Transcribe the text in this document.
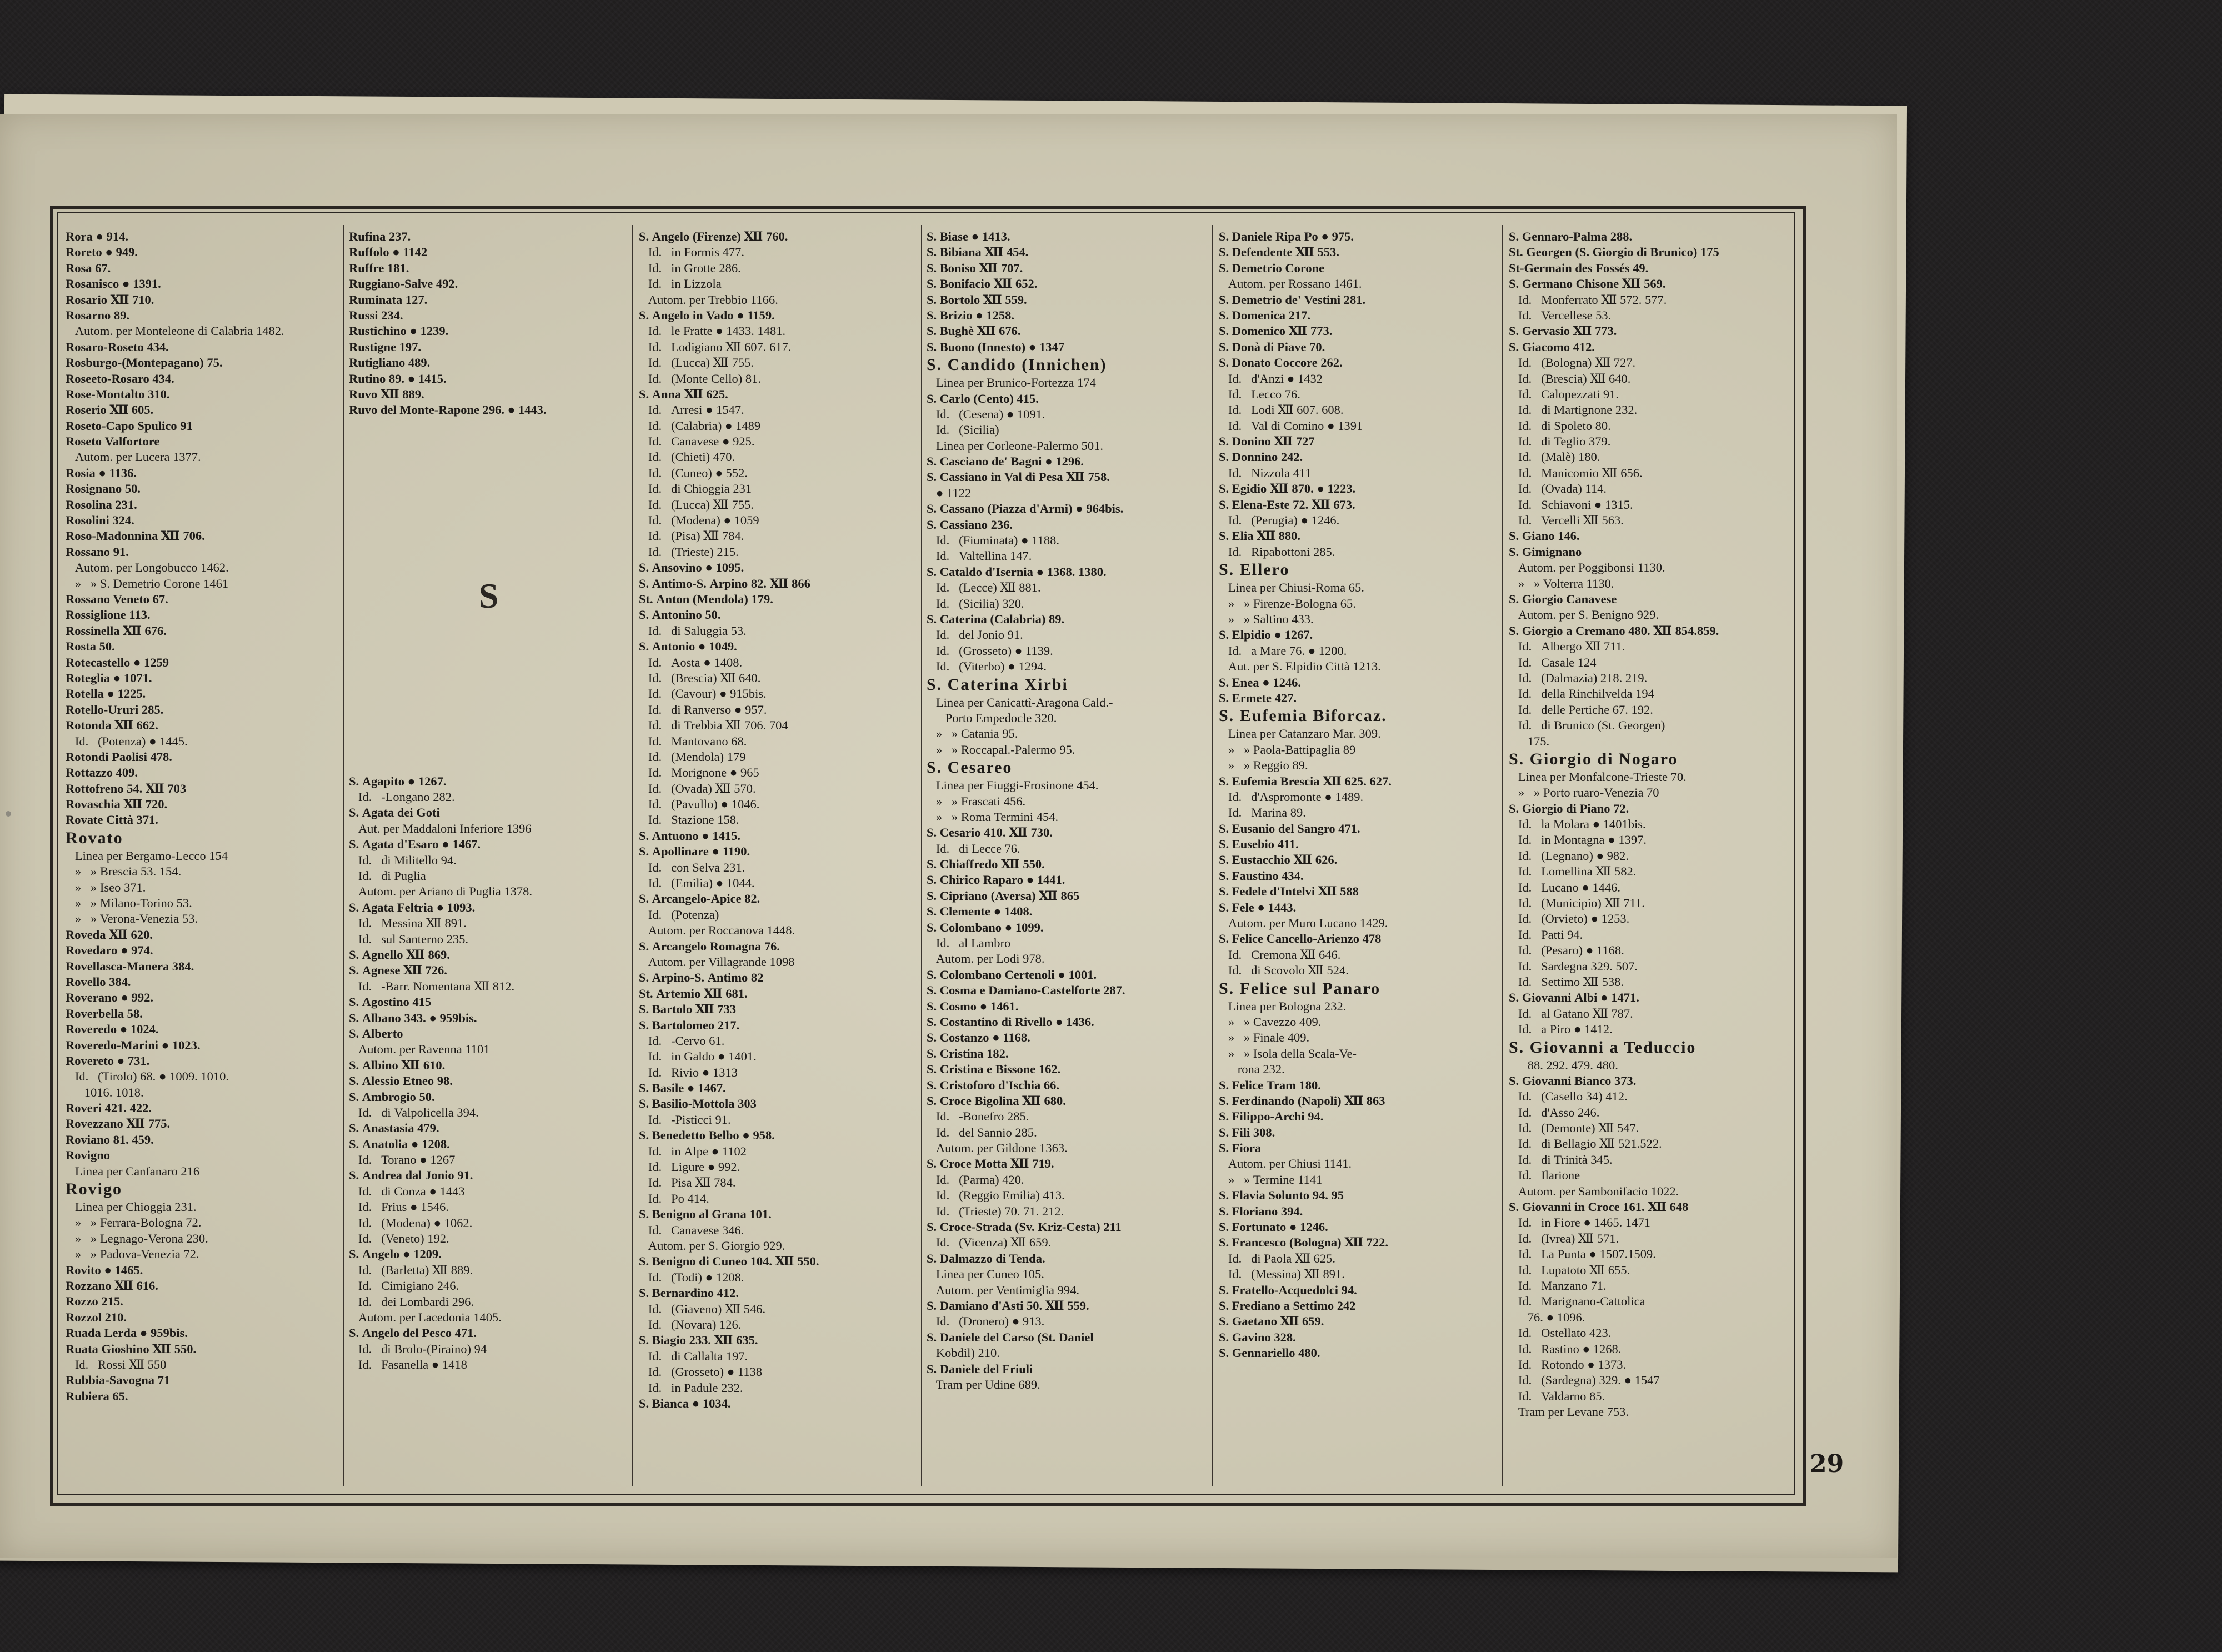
Rora ● 914.
Roreto ● 949.
Rosa 67.
Rosanisco ● 1391.
Rosario Ⅻ 710.
Rosarno 89.
Autom. per Monteleone di Calabria 1482.
Rosaro-Roseto 434.
Rosburgo-(Montepagano) 75.
Roseeto-Rosaro 434.
Rose-Montalto 310.
Roserio Ⅻ 605.
Roseto-Capo Spulico 91
Roseto Valfortore
Autom. per Lucera 1377.
Rosia ● 1136.
Rosignano 50.
Rosolina 231.
Rosolini 324.
Roso-Madonnina Ⅻ 706.
Rossano 91.
Autom. per Longobucco 1462.
»   » S. Demetrio Corone 1461
Rossano Veneto 67.
Rossiglione 113.
Rossinella Ⅻ 676.
Rosta 50.
Rotecastello ● 1259
Roteglia ● 1071.
Rotella ● 1225.
Rotello-Ururi 285.
Rotonda Ⅻ 662.
Id.   (Potenza) ● 1445.
Rotondi Paolisi 478.
Rottazzo 409.
Rottofreno 54. Ⅻ 703
Rovaschia Ⅻ 720.
Rovate Città 371.
Rovato
Linea per Bergamo-Lecco 154
»   » Brescia 53. 154.
»   » Iseo 371.
»   » Milano-Torino 53.
»   » Verona-Venezia 53.
Roveda Ⅻ 620.
Rovedaro ● 974.
Rovellasca-Manera 384.
Rovello 384.
Roverano ● 992.
Roverbella 58.
Roveredo ● 1024.
Roveredo-Marini ● 1023.
Rovereto ● 731.
Id.   (Tirolo) 68. ● 1009. 1010.
1016. 1018.
Roveri 421. 422.
Rovezzano Ⅻ 775.
Roviano 81. 459.
Rovigno
Linea per Canfanaro 216
Rovigo
Linea per Chioggia 231.
»   » Ferrara-Bologna 72.
»   » Legnago-Verona 230.
»   » Padova-Venezia 72.
Rovito ● 1465.
Rozzano Ⅻ 616.
Rozzo 215.
Rozzol 210.
Ruada Lerda ● 959bis.
Ruata Gioshino Ⅻ 550.
Id.   Rossi Ⅻ 550
Rubbia-Savogna 71
Rubiera 65.
Rufina 237.
Ruffolo ● 1142
Ruffre 181.
Ruggiano-Salve 492.
Ruminata 127.
Russi 234.
Rustichino ● 1239.
Rustigne 197.
Rutigliano 489.
Rutino 89. ● 1415.
Ruvo Ⅻ 889.
Ruvo del Monte-Rapone 296. ● 1443.
S
S. Agapito ● 1267.
Id.   -Longano 282.
S. Agata dei Goti
Aut. per Maddaloni Inferiore 1396
S. Agata d'Esaro ● 1467.
Id.   di Militello 94.
Id.   di Puglia
Autom. per Ariano di Puglia 1378.
S. Agata Feltria ● 1093.
Id.   Messina Ⅻ 891.
Id.   sul Santerno 235.
S. Agnello Ⅻ 869.
S. Agnese Ⅻ 726.
Id.   -Barr. Nomentana Ⅻ 812.
S. Agostino 415
S. Albano 343. ● 959bis.
S. Alberto
Autom. per Ravenna 1101
S. Albino Ⅻ 610.
S. Alessio Etneo 98.
S. Ambrogio 50.
Id.   di Valpolicella 394.
S. Anastasia 479.
S. Anatolia ● 1208.
Id.   Torano ● 1267
S. Andrea dal Jonio 91.
Id.   di Conza ● 1443
Id.   Frius ● 1546.
Id.   (Modena) ● 1062.
Id.   (Veneto) 192.
S. Angelo ● 1209.
Id.   (Barletta) Ⅻ 889.
Id.   Cimigiano 246.
Id.   dei Lombardi 296.
Autom. per Lacedonia 1405.
S. Angelo del Pesco 471.
Id.   di Brolo-(Piraino) 94
Id.   Fasanella ● 1418
S. Angelo (Firenze) Ⅻ 760.
Id.   in Formis 477.
Id.   in Grotte 286.
Id.   in Lizzola
Autom. per Trebbio 1166.
S. Angelo in Vado ● 1159.
Id.   le Fratte ● 1433. 1481.
Id.   Lodigiano Ⅻ 607. 617.
Id.   (Lucca) Ⅻ 755.
Id.   (Monte Cello) 81.
S. Anna Ⅻ 625.
Id.   Arresi ● 1547.
Id.   (Calabria) ● 1489
Id.   Canavese ● 925.
Id.   (Chieti) 470.
Id.   (Cuneo) ● 552.
Id.   di Chioggia 231
Id.   (Lucca) Ⅻ 755.
Id.   (Modena) ● 1059
Id.   (Pisa) Ⅻ 784.
Id.   (Trieste) 215.
S. Ansovino ● 1095.
S. Antimo-S. Arpino 82. Ⅻ 866
St. Anton (Mendola) 179.
S. Antonino 50.
Id.   di Saluggia 53.
S. Antonio ● 1049.
Id.   Aosta ● 1408.
Id.   (Brescia) Ⅻ 640.
Id.   (Cavour) ● 915bis.
Id.   di Ranverso ● 957.
Id.   di Trebbia Ⅻ 706. 704
Id.   Mantovano 68.
Id.   (Mendola) 179
Id.   Morignone ● 965
Id.   (Ovada) Ⅻ 570.
Id.   (Pavullo) ● 1046.
Id.   Stazione 158.
S. Antuono ● 1415.
S. Apollinare ● 1190.
Id.   con Selva 231.
Id.   (Emilia) ● 1044.
S. Arcangelo-Apice 82.
Id.   (Potenza)
Autom. per Roccanova 1448.
S. Arcangelo Romagna 76.
Autom. per Villagrande 1098
S. Arpino-S. Antimo 82
St. Artemio Ⅻ 681.
S. Bartolo Ⅻ 733
S. Bartolomeo 217.
Id.   -Cervo 61.
Id.   in Galdo ● 1401.
Id.   Rivio ● 1313
S. Basile ● 1467.
S. Basilio-Mottola 303
Id.   -Pisticci 91.
S. Benedetto Belbo ● 958.
Id.   in Alpe ● 1102
Id.   Ligure ● 992.
Id.   Pisa Ⅻ 784.
Id.   Po 414.
S. Benigno al Grana 101.
Id.   Canavese 346.
Autom. per S. Giorgio 929.
S. Benigno di Cuneo 104. Ⅻ 550.
Id.   (Todi) ● 1208.
S. Bernardino 412.
Id.   (Giaveno) Ⅻ 546.
Id.   (Novara) 126.
S. Biagio 233. Ⅻ 635.
Id.   di Callalta 197.
Id.   (Grosseto) ● 1138
Id.   in Padule 232.
S. Bianca ● 1034.
S. Biase ● 1413.
S. Bibiana Ⅻ 454.
S. Boniso Ⅻ 707.
S. Bonifacio Ⅻ 652.
S. Bortolo Ⅻ 559.
S. Brizio ● 1258.
S. Bughè Ⅻ 676.
S. Buono (Innesto) ● 1347
S. Candido (Innichen)
Linea per Brunico-Fortezza 174
S. Carlo (Cento) 415.
Id.   (Cesena) ● 1091.
Id.   (Sicilia)
Linea per Corleone-Palermo 501.
S. Casciano de' Bagni ● 1296.
S. Cassiano in Val di Pesa Ⅻ 758.
● 1122
S. Cassano (Piazza d'Armi) ● 964bis.
S. Cassiano 236.
Id.   (Fiuminata) ● 1188.
Id.   Valtellina 147.
S. Cataldo d'Isernia ● 1368. 1380.
Id.   (Lecce) Ⅻ 881.
Id.   (Sicilia) 320.
S. Caterina (Calabria) 89.
Id.   del Jonio 91.
Id.   (Grosseto) ● 1139.
Id.   (Viterbo) ● 1294.
S. Caterina Xirbi
Linea per Canicattì-Aragona Cald.-
Porto Empedocle 320.
»   » Catania 95.
»   » Roccapal.-Palermo 95.
S. Cesareo
Linea per Fiuggi-Frosinone 454.
»   » Frascati 456.
»   » Roma Termini 454.
S. Cesario 410. Ⅻ 730.
Id.   di Lecce 76.
S. Chiaffredo Ⅻ 550.
S. Chirico Raparo ● 1441.
S. Cipriano (Aversa) Ⅻ 865
S. Clemente ● 1408.
S. Colombano ● 1099.
Id.   al Lambro
Autom. per Lodi 978.
S. Colombano Certenoli ● 1001.
S. Cosma e Damiano-Castelforte 287.
S. Cosmo ● 1461.
S. Costantino di Rivello ● 1436.
S. Costanzo ● 1168.
S. Cristina 182.
S. Cristina e Bissone 162.
S. Cristoforo d'Ischia 66.
S. Croce Bigolina Ⅻ 680.
Id.   -Bonefro 285.
Id.   del Sannio 285.
Autom. per Gildone 1363.
S. Croce Motta Ⅻ 719.
Id.   (Parma) 420.
Id.   (Reggio Emilia) 413.
Id.   (Trieste) 70. 71. 212.
S. Croce-Strada (Sv. Kriz-Cesta) 211
Id.   (Vicenza) Ⅻ 659.
S. Dalmazzo di Tenda.
Linea per Cuneo 105.
Autom. per Ventimiglia 994.
S. Damiano d'Asti 50. Ⅻ 559.
Id.   (Dronero) ● 913.
S. Daniele del Carso (St. Daniel
Kobdil) 210.
S. Daniele del Friuli
Tram per Udine 689.
S. Daniele Ripa Po ● 975.
S. Defendente Ⅻ 553.
S. Demetrio Corone
Autom. per Rossano 1461.
S. Demetrio de' Vestini 281.
S. Domenica 217.
S. Domenico Ⅻ 773.
S. Donà di Piave 70.
S. Donato Coccore 262.
Id.   d'Anzi ● 1432
Id.   Lecco 76.
Id.   Lodi Ⅻ 607. 608.
Id.   Val di Comino ● 1391
S. Donino Ⅻ 727
S. Donnino 242.
Id.   Nizzola 411
S. Egidio Ⅻ 870. ● 1223.
S. Elena-Este 72. Ⅻ 673.
Id.   (Perugia) ● 1246.
S. Elia Ⅻ 880.
Id.   Ripabottoni 285.
S. Ellero
Linea per Chiusi-Roma 65.
»   » Firenze-Bologna 65.
»   » Saltino 433.
S. Elpidio ● 1267.
Id.   a Mare 76. ● 1200.
Aut. per S. Elpidio Città 1213.
S. Enea ● 1246.
S. Ermete 427.
S. Eufemia Biforcaz.
Linea per Catanzaro Mar. 309.
»   » Paola-Battipaglia 89
»   » Reggio 89.
S. Eufemia Brescia Ⅻ 625. 627.
Id.   d'Aspromonte ● 1489.
Id.   Marina 89.
S. Eusanio del Sangro 471.
S. Eusebio 411.
S. Eustacchio Ⅻ 626.
S. Faustino 434.
S. Fedele d'Intelvi Ⅻ 588
S. Fele ● 1443.
Autom. per Muro Lucano 1429.
S. Felice Cancello-Arienzo 478
Id.   Cremona Ⅻ 646.
Id.   di Scovolo Ⅻ 524.
S. Felice sul Panaro
Linea per Bologna 232.
»   » Cavezzo 409.
»   » Finale 409.
»   » Isola della Scala-Ve-
rona 232.
S. Felice Tram 180.
S. Ferdinando (Napoli) Ⅻ 863
S. Filippo-Archi 94.
S. Fili 308.
S. Fiora
Autom. per Chiusi 1141.
»   » Termine 1141
S. Flavia Solunto 94. 95
S. Floriano 394.
S. Fortunato ● 1246.
S. Francesco (Bologna) Ⅻ 722.
Id.   di Paola Ⅻ 625.
Id.   (Messina) Ⅻ 891.
S. Fratello-Acquedolci 94.
S. Frediano a Settimo 242
S. Gaetano Ⅻ 659.
S. Gavino 328.
S. Gennariello 480.
S. Gennaro-Palma 288.
St. Georgen (S. Giorgio di Brunico) 175
St-Germain des Fossés 49.
S. Germano Chisone Ⅻ 569.
Id.   Monferrato Ⅻ 572. 577.
Id.   Vercellese 53.
S. Gervasio Ⅻ 773.
S. Giacomo 412.
Id.   (Bologna) Ⅻ 727.
Id.   (Brescia) Ⅻ 640.
Id.   Calopezzati 91.
Id.   di Martignone 232.
Id.   di Spoleto 80.
Id.   di Teglio 379.
Id.   (Malè) 180.
Id.   Manicomio Ⅻ 656.
Id.   (Ovada) 114.
Id.   Schiavoni ● 1315.
Id.   Vercelli Ⅻ 563.
S. Giano 146.
S. Gimignano
Autom. per Poggibonsi 1130.
»   » Volterra 1130.
S. Giorgio Canavese
Autom. per S. Benigno 929.
S. Giorgio a Cremano 480. Ⅻ 854.859.
Id.   Albergo Ⅻ 711.
Id.   Casale 124
Id.   (Dalmazia) 218. 219.
Id.   della Rinchilvelda 194
Id.   delle Pertiche 67. 192.
Id.   di Brunico (St. Georgen)
175.
S. Giorgio di Nogaro
Linea per Monfalcone-Trieste 70.
»   » Porto ruaro-Venezia 70
S. Giorgio di Piano 72.
Id.   la Molara ● 1401bis.
Id.   in Montagna ● 1397.
Id.   (Legnano) ● 982.
Id.   Lomellina Ⅻ 582.
Id.   Lucano ● 1446.
Id.   (Municipio) Ⅻ 711.
Id.   (Orvieto) ● 1253.
Id.   Patti 94.
Id.   (Pesaro) ● 1168.
Id.   Sardegna 329. 507.
Id.   Settimo Ⅻ 538.
S. Giovanni Albi ● 1471.
Id.   al Gatano Ⅻ 787.
Id.   a Piro ● 1412.
S. Giovanni a Teduccio
88. 292. 479. 480.
S. Giovanni Bianco 373.
Id.   (Casello 34) 412.
Id.   d'Asso 246.
Id.   (Demonte) Ⅻ 547.
Id.   di Bellagio Ⅻ 521.522.
Id.   di Trinità 345.
Id.   Ilarione
Autom. per Sambonifacio 1022.
S. Giovanni in Croce 161. Ⅻ 648
Id.   in Fiore ● 1465. 1471
Id.   (Ivrea) Ⅻ 571.
Id.   La Punta ● 1507.1509.
Id.   Lupatoto Ⅻ 655.
Id.   Manzano 71.
Id.   Marignano-Cattolica
76. ● 1096.
Id.   Ostellato 423.
Id.   Rastino ● 1268.
Id.   Rotondo ● 1373.
Id.   (Sardegna) 329. ● 1547
Id.   Valdarno 85.
Tram per Levane 753.
29
